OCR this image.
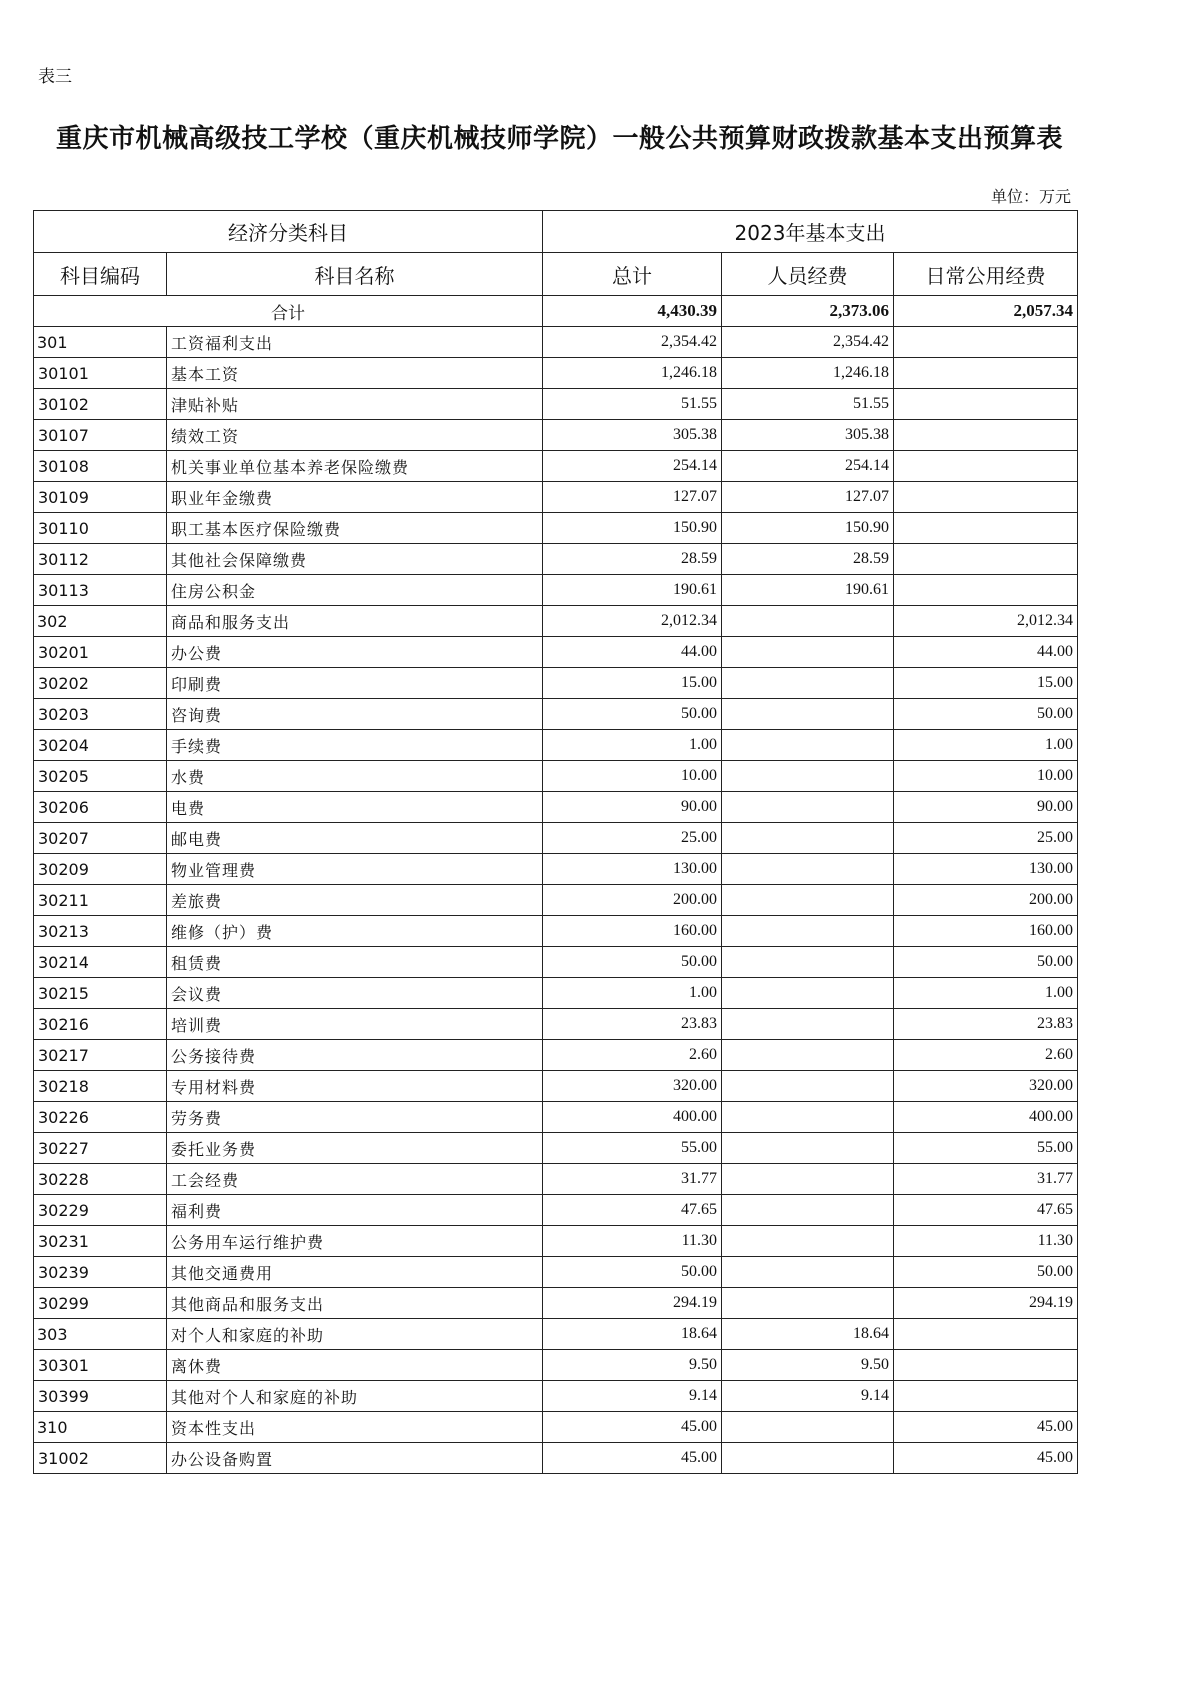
表三
重庆市机械高级技工学校（重庆机械技师学院）一般公共预算财政拨款基本支出预算表
单位：万元
经济分类科目		2023年基本支出		
科目编码	科目名称	总计	人员经费	日常公用经费
合计		4,430.39	2,373.06	2,057.34
301	工资福利支出	2,354.42	2,354.42	
30101	基本工资	1,246.18	1,246.18	
30102	津贴补贴	51.55	51.55	
30107	绩效工资	305.38	305.38	
30108	机关事业单位基本养老保险缴费	254.14	254.14	
30109	职业年金缴费	127.07	127.07	
30110	职工基本医疗保险缴费	150.90	150.90	
30112	其他社会保障缴费	28.59	28.59	
30113	住房公积金	190.61	190.61	
302	商品和服务支出	2,012.34		2,012.34
30201	办公费	44.00		44.00
30202	印刷费	15.00		15.00
30203	咨询费	50.00		50.00
30204	手续费	1.00		1.00
30205	水费	10.00		10.00
30206	电费	90.00		90.00
30207	邮电费	25.00		25.00
30209	物业管理费	130.00		130.00
30211	差旅费	200.00		200.00
30213	维修（护）费	160.00		160.00
30214	租赁费	50.00		50.00
30215	会议费	1.00		1.00
30216	培训费	23.83		23.83
30217	公务接待费	2.60		2.60
30218	专用材料费	320.00		320.00
30226	劳务费	400.00		400.00
30227	委托业务费	55.00		55.00
30228	工会经费	31.77		31.77
30229	福利费	47.65		47.65
30231	公务用车运行维护费	11.30		11.30
30239	其他交通费用	50.00		50.00
30299	其他商品和服务支出	294.19		294.19
303	对个人和家庭的补助	18.64	18.64	
30301	离休费	9.50	9.50	
30399	其他对个人和家庭的补助	9.14	9.14	
310	资本性支出	45.00		45.00
31002	办公设备购置	45.00		45.00
